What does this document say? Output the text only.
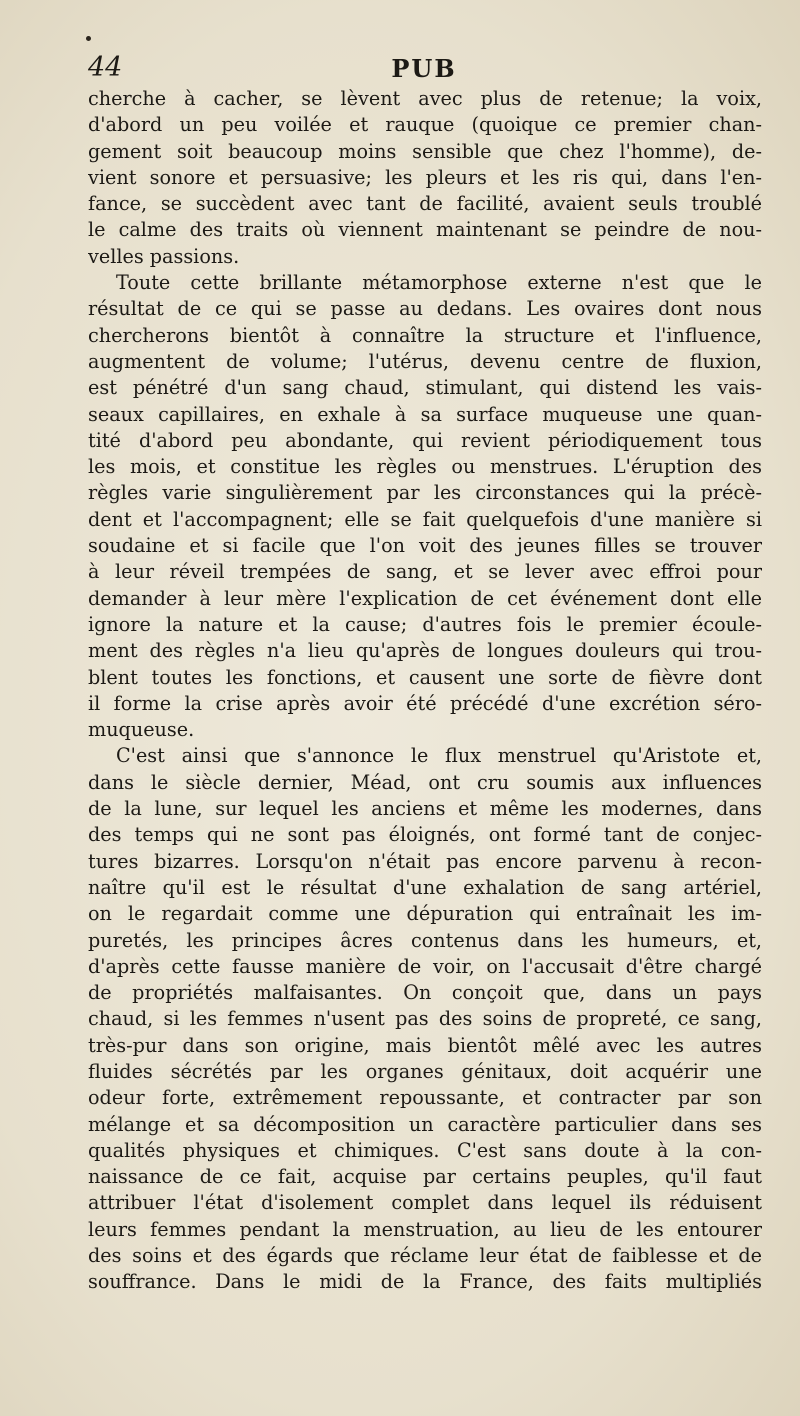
44	PUB
cherche à cacher, se lèvent avec plus de retenue; la voix,
d'abord un peu voilée et rauque (quoique ce premier chan-
gement soit beaucoup moins sensible que chez l'homme), de-
vient sonore et persuasive; les pleurs et les ris qui, dans l'en-
fance, se succèdent avec tant de facilité, avaient seuls troublé
le calme des traits où viennent maintenant se peindre de nou-
velles passions.
Toute cette brillante métamorphose externe n'est que le
résultat de ce qui se passe au dedans. Les ovaires dont nous
chercherons bientôt à connaître la structure et l'influence,
augmentent de volume; l'utérus, devenu centre de fluxion,
est pénétré d'un sang chaud, stimulant, qui distend les vais-
seaux capillaires, en exhale à sa surface muqueuse une quan-
tité d'abord peu abondante, qui revient périodiquement tous
les mois, et constitue les règles ou menstrues. L'éruption des
règles varie singulièrement par les circonstances qui la précè-
dent et l'accompagnent; elle se fait quelquefois d'une manière si
soudaine et si facile que l'on voit des jeunes filles se trouver
à leur réveil trempées de sang, et se lever avec effroi pour
demander à leur mère l'explication de cet événement dont elle
ignore la nature et la cause; d'autres fois le premier écoule-
ment des règles n'a lieu qu'après de longues douleurs qui trou-
blent toutes les fonctions, et causent une sorte de fièvre dont
il forme la crise après avoir été précédé d'une excrétion séro-
muqueuse.
C'est ainsi que s'annonce le flux menstruel qu'Aristote et,
dans le siècle dernier, Méad, ont cru soumis aux influences
de la lune, sur lequel les anciens et même les modernes, dans
des temps qui ne sont pas éloignés, ont formé tant de conjec-
tures bizarres. Lorsqu'on n'était pas encore parvenu à recon-
naître qu'il est le résultat d'une exhalation de sang artériel,
on le regardait comme une dépuration qui entraînait les im-
puretés, les principes âcres contenus dans les humeurs, et,
d'après cette fausse manière de voir, on l'accusait d'être chargé
de propriétés malfaisantes. On conçoit que, dans un pays
chaud, si les femmes n'usent pas des soins de propreté, ce sang,
très-pur dans son origine, mais bientôt mêlé avec les autres
fluides sécrétés par les organes génitaux, doit acquérir une
odeur forte, extrêmement repoussante, et contracter par son
mélange et sa décomposition un caractère particulier dans ses
qualités physiques et chimiques. C'est sans doute à la con-
naissance de ce fait, acquise par certains peuples, qu'il faut
attribuer l'état d'isolement complet dans lequel ils réduisent
leurs femmes pendant la menstruation, au lieu de les entourer
des soins et des égards que réclame leur état de faiblesse et de
souffrance. Dans le midi de la France, des faits multipliés
